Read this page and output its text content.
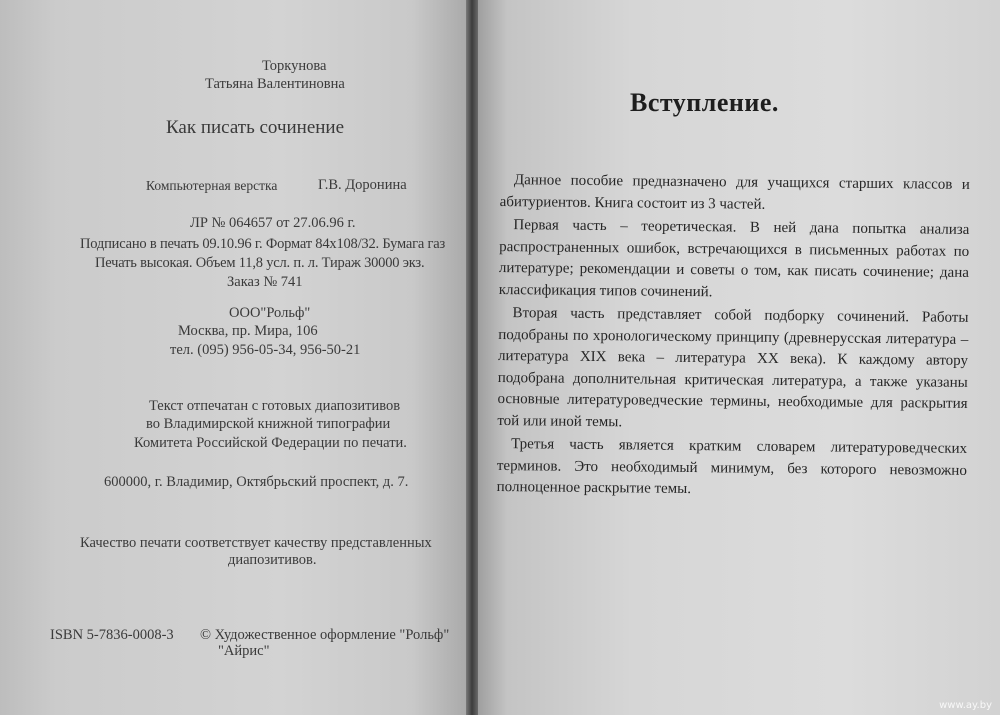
Торкунова
Татьяна Валентиновна
Как писать сочинение
Компьютерная верстка	Г.В. Доронина
ЛР № 064657 от 27.06.96 г.
Подписано в печать 09.10.96 г. Формат 84x108/32. Бумага газ
Печать высокая. Объем 11,8 усл. п. л. Тираж 30000 экз.
Заказ № 741
ООО"Рольф"
Москва, пр. Мира, 106
тел. (095) 956-05-34, 956-50-21
Текст отпечатан с готовых диапозитивов
во Владимирской книжной типографии
Комитета Российской Федерации по печати.
600000, г. Владимир, Октябрьский проспект, д. 7.
Качество печати соответствует качеству представленных
диапозитивов.
ISBN 5-7836-0008-3 © Художественное оформление "Рольф"
"Айрис"
Вступление.

Данное пособие предназначено для учащихся старших классов и абитуриентов. Книга состоит из 3 частей.

Первая часть – теоретическая. В ней дана попытка анализа распространенных ошибок, встречающихся в письменных работах по литературе; рекомендации и советы о том, как писать сочинение; дана классификация типов сочинений.

Вторая часть представляет собой подборку сочинений. Работы подобраны по хронологическому принципу (древнерусская литература – литература XIX века – литература XX века). К каждому автору подобрана дополнительная критическая литература, а также указаны основные литературоведческие термины, необходимые для раскрытия той или иной темы.

Третья часть является кратким словарем литературоведческих терминов. Это необходимый минимум, без которого невозможно полноценное раскрытие темы.

www.ay.by
